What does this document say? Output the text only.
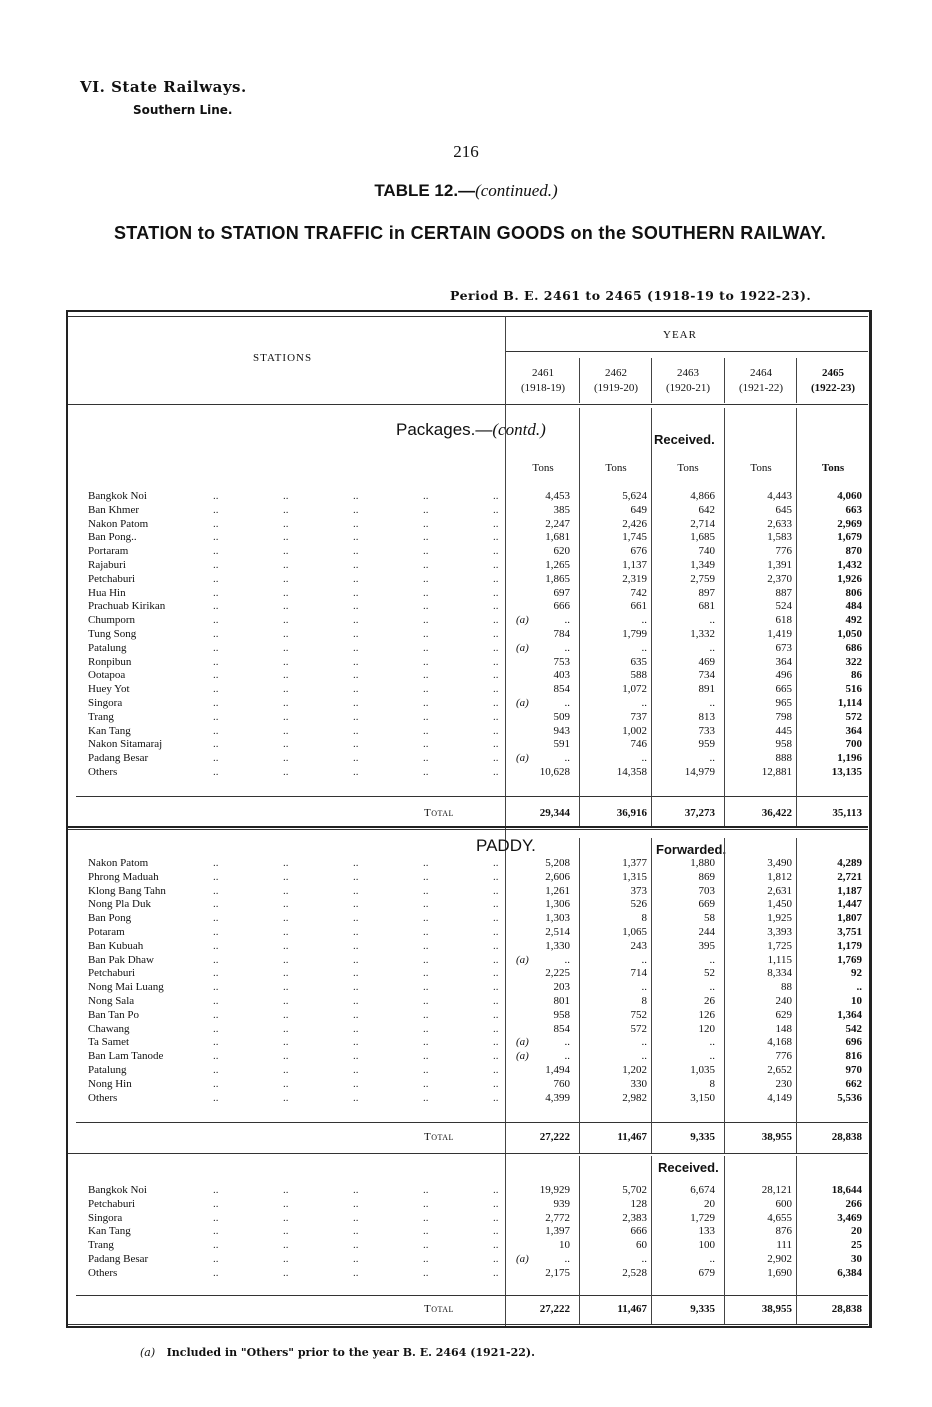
VI. State Railways.
Southern Line.
216
TABLE 12.—(continued.)
STATION to STATION TRAFFIC in CERTAIN GOODS on the SOUTHERN RAILWAY.
Period B. E. 2461 to 2465 (1918-19 to 1922-23).
STATIONS
YEAR
2461
(1918-19)
2462
(1919-20)
2463
(1920-21)
2464
(1921-22)
2465
(1922-23)
Packages.—(contd.)
Received.
Tons	Tons	Tons	Tons	Tons
Bangkok Noi	..	..	..	..	..	4,453	5,624	4,866	4,443	4,060
Ban Khmer	..	..	..	..	..	385	649	642	645	663
Nakon Patom	..	..	..	..	..	2,247	2,426	2,714	2,633	2,969
Ban Pong..	..	..	..	..	..	1,681	1,745	1,685	1,583	1,679
Portaram	..	..	..	..	..	620	676	740	776	870
Rajaburi	..	..	..	..	..	1,265	1,137	1,349	1,391	1,432
Petchaburi	..	..	..	..	..	1,865	2,319	2,759	2,370	1,926
Hua Hin	..	..	..	..	..	697	742	897	887	806
Prachuab Kirikan	..	..	..	..	..	666	661	681	524	484
Chumporn	..	..	..	..	..	(a)	..	..	..	618	492
Tung Song	..	..	..	..	..	784	1,799	1,332	1,419	1,050
Patalung	..	..	..	..	..	(a)	..	..	..	673	686
Ronpibun	..	..	..	..	..	753	635	469	364	322
Ootapoa	..	..	..	..	..	403	588	734	496	86
Huey Yot	..	..	..	..	..	854	1,072	891	665	516
Singora	..	..	..	..	..	(a)	..	..	..	965	1,114
Trang	..	..	..	..	..	509	737	813	798	572
Kan Tang	..	..	..	..	..	943	1,002	733	445	364
Nakon Sitamaraj	..	..	..	..	..	591	746	959	958	700
Padang Besar	..	..	..	..	..	(a)	..	..	..	888	1,196
Others	..	..	..	..	..	10,628	14,358	14,979	12,881	13,135
Total	29,344	36,916	37,273	36,422	35,113
PADDY.	Forwarded.
Nakon Patom	..	..	..	..	..	5,208	1,377	1,880	3,490	4,289
Phrong Maduah	..	..	..	..	..	2,606	1,315	869	1,812	2,721
Klong Bang Tahn	..	..	..	..	..	1,261	373	703	2,631	1,187
Nong Pla Duk	..	..	..	..	..	1,306	526	669	1,450	1,447
Ban Pong	..	..	..	..	..	1,303	8	58	1,925	1,807
Potaram	..	..	..	..	..	2,514	1,065	244	3,393	3,751
Ban Kubuah	..	..	..	..	..	1,330	243	395	1,725	1,179
Ban Pak Dhaw	..	..	..	..	..	(a)	..	..	..	1,115	1,769
Petchaburi	..	..	..	..	..	2,225	714	52	8,334	92
Nong Mai Luang	..	..	..	..	..	203	..	..	88	..
Nong Sala	..	..	..	..	..	801	8	26	240	10
Ban Tan Po	..	..	..	..	..	958	752	126	629	1,364
Chawang	..	..	..	..	..	854	572	120	148	542
Ta Samet	..	..	..	..	..	(a)	..	..	..	4,168	696
Ban Lam Tanode	..	..	..	..	..	(a)	..	..	..	776	816
Patalung	..	..	..	..	..	1,494	1,202	1,035	2,652	970
Nong Hin	..	..	..	..	..	760	330	8	230	662
Others	..	..	..	..	..	4,399	2,982	3,150	4,149	5,536
Total	27,222	11,467	9,335	38,955	28,838
Received.
Bangkok Noi	..	..	..	..	..	19,929	5,702	6,674	28,121	18,644
Petchaburi	..	..	..	..	..	939	128	20	600	266
Singora	..	..	..	..	..	2,772	2,383	1,729	4,655	3,469
Kan Tang	..	..	..	..	..	1,397	666	133	876	20
Trang	..	..	..	..	..	10	60	100	111	25
Padang Besar	..	..	..	..	..	(a)	..	..	..	2,902	30
Others	..	..	..	..	..	2,175	2,528	679	1,690	6,384
Total	27,222	11,467	9,335	38,955	28,838
(a) Included in "Others" prior to the year B. E. 2464 (1921-22).
